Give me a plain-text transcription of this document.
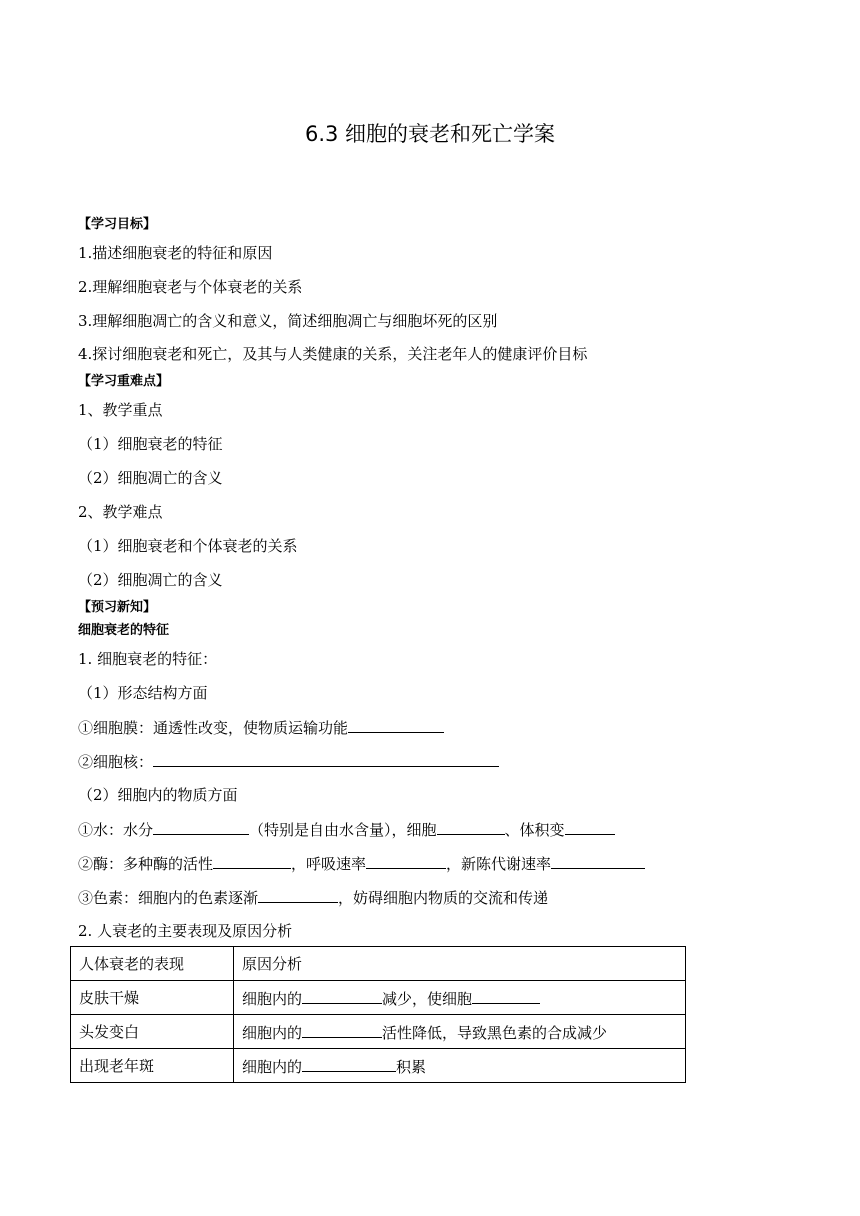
6.3 细胞的衰老和死亡学案
【学习目标】
1.描述细胞衰老的特征和原因
2.理解细胞衰老与个体衰老的关系
3.理解细胞凋亡的含义和意义，简述细胞凋亡与细胞坏死的区别
4.探讨细胞衰老和死亡，及其与人类健康的关系，关注老年人的健康评价目标
【学习重难点】
1、教学重点
（1）细胞衰老的特征
（2）细胞凋亡的含义
2、教学难点
（1）细胞衰老和个体衰老的关系
（2）细胞凋亡的含义
【预习新知】
细胞衰老的特征
1. 细胞衰老的特征：
（1）形态结构方面
①细胞膜：通透性改变，使物质运输功能
②细胞核：
（2）细胞内的物质方面
①水：水分	（特别是自由水含量），细胞	、体积变
②酶：多种酶的活性	，呼吸速率	，新陈代谢速率
③色素：细胞内的色素逐渐	，妨碍细胞内物质的交流和传递
2. 人衰老的主要表现及原因分析
人体衰老的表现	原因分析
皮肤干燥	细胞内的 减少，使细胞
头发变白	细胞内的 活性降低，导致黑色素的合成减少
出现老年斑	细胞内的 积累
